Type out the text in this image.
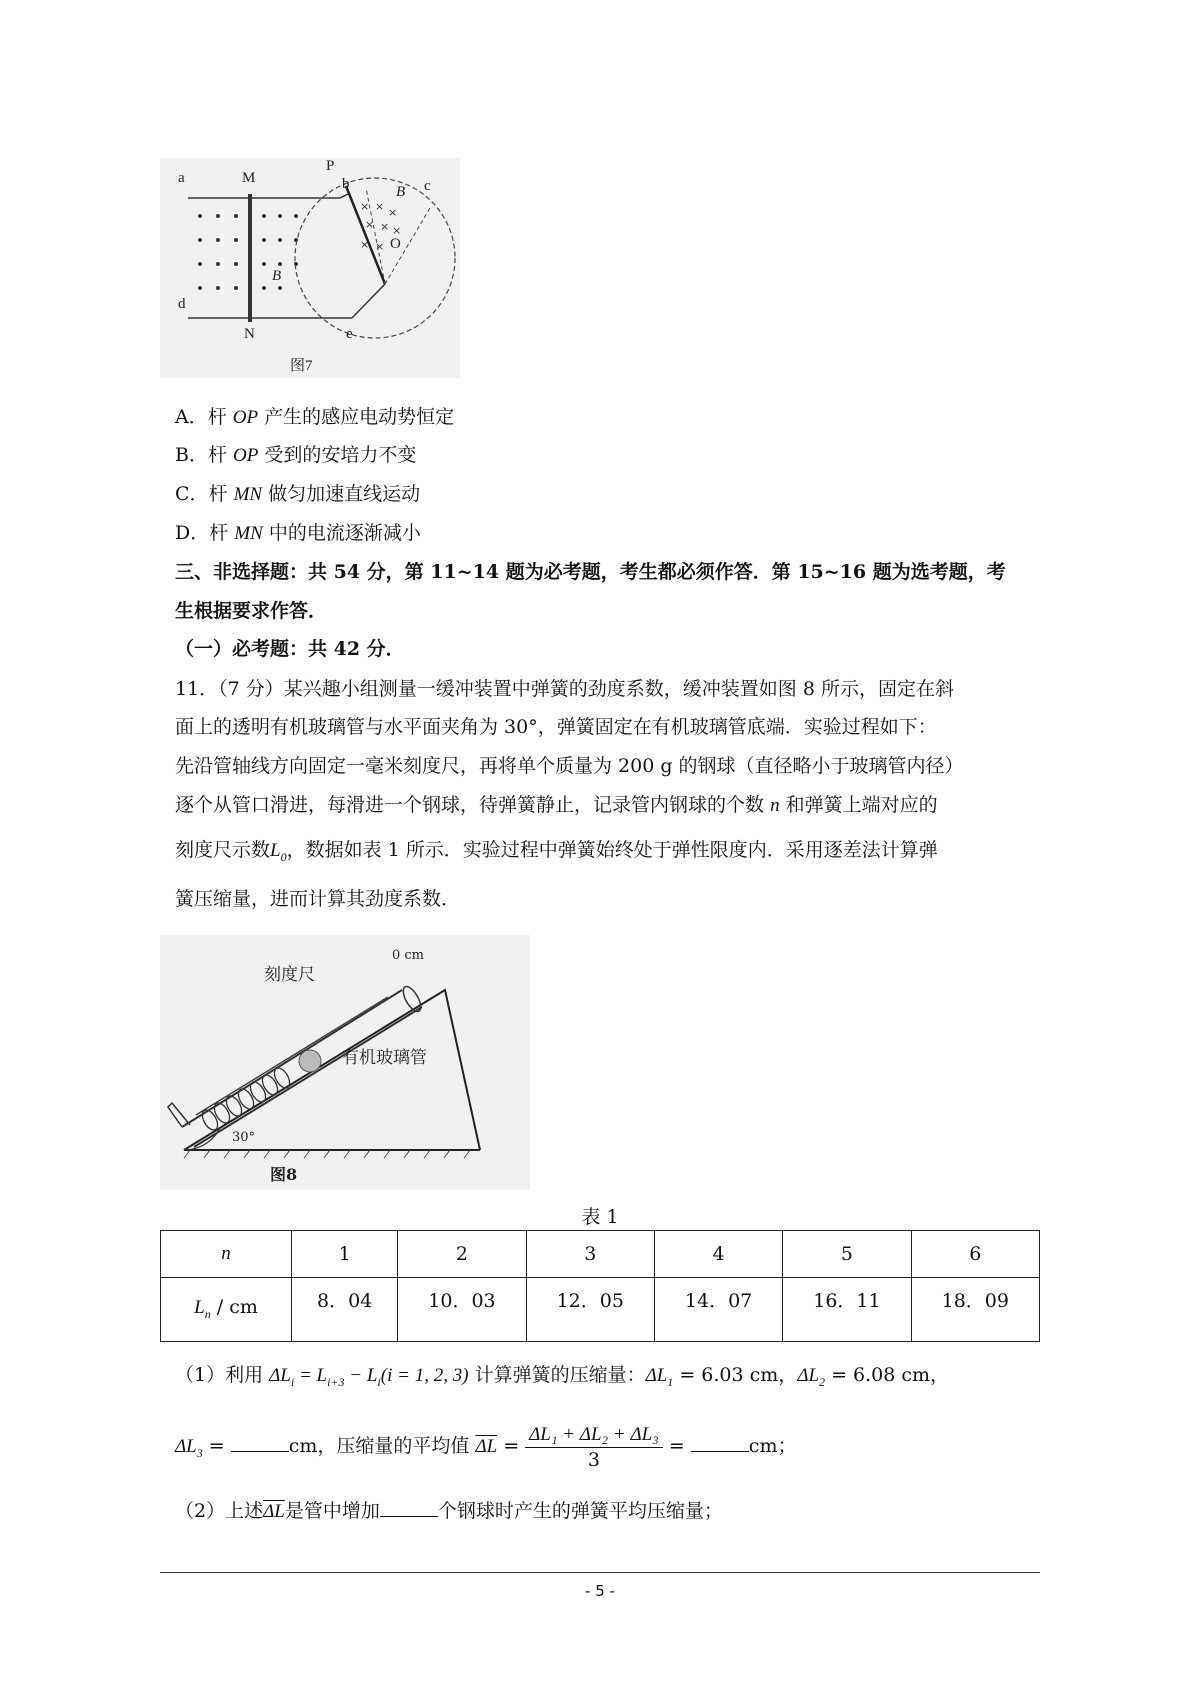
× × ×
× × ×
× ×
a	M	b
P
B c
O
d
N	e
B
图7
A．杆 OP 产生的感应电动势恒定
B．杆 OP 受到的安培力不变
C．杆 MN 做匀加速直线运动
D．杆 MN 中的电流逐渐减小
三、非选择题：共 54 分，第 11~14 题为必考题，考生都必须作答．第 15~16 题为选考题，考
生根据要求作答．
（一）必考题：共 42 分．
11．（7 分）某兴趣小组测量一缓冲装置中弹簧的劲度系数，缓冲装置如图 8 所示，固定在斜
面上的透明有机玻璃管与水平面夹角为 30°，弹簧固定在有机玻璃管底端．实验过程如下：
先沿管轴线方向固定一毫米刻度尺，再将单个质量为 200 g 的钢球（直径略小于玻璃管内径）
逐个从管口滑进，每滑进一个钢球，待弹簧静止，记录管内钢球的个数 n 和弹簧上端对应的
刻度尺示数$L_0$，数据如表 1 所示．实验过程中弹簧始终处于弹性限度内．采用逐差法计算弹
簧压缩量，进而计算其劲度系数．
刻度尺
0 cm
有机玻璃管
30°
图8
表 1
n	1	2	3	4	5	6
$L_n$ / cm	8．04	10．03	12．05	14．07	16．11	18．09
（1）利用 $\Delta L_i = L_{i+3} - L_i(i = 1$, 2, 3) 计算弹簧的压缩量：$\Delta L_1 = 6.03$ cm，$\Delta L_2 = 6.08$ cm，
$\Delta L_3$ =	cm，压缩量的平均值 $\overline{\Delta L} = \frac{\text{ΔL₁ + ΔL₂ + ΔL₃}}{3}$ =	cm；
（2）上述$\overline{\Delta L}$是管中增加	个钢球时产生的弹簧平均压缩量；
- 5 -
